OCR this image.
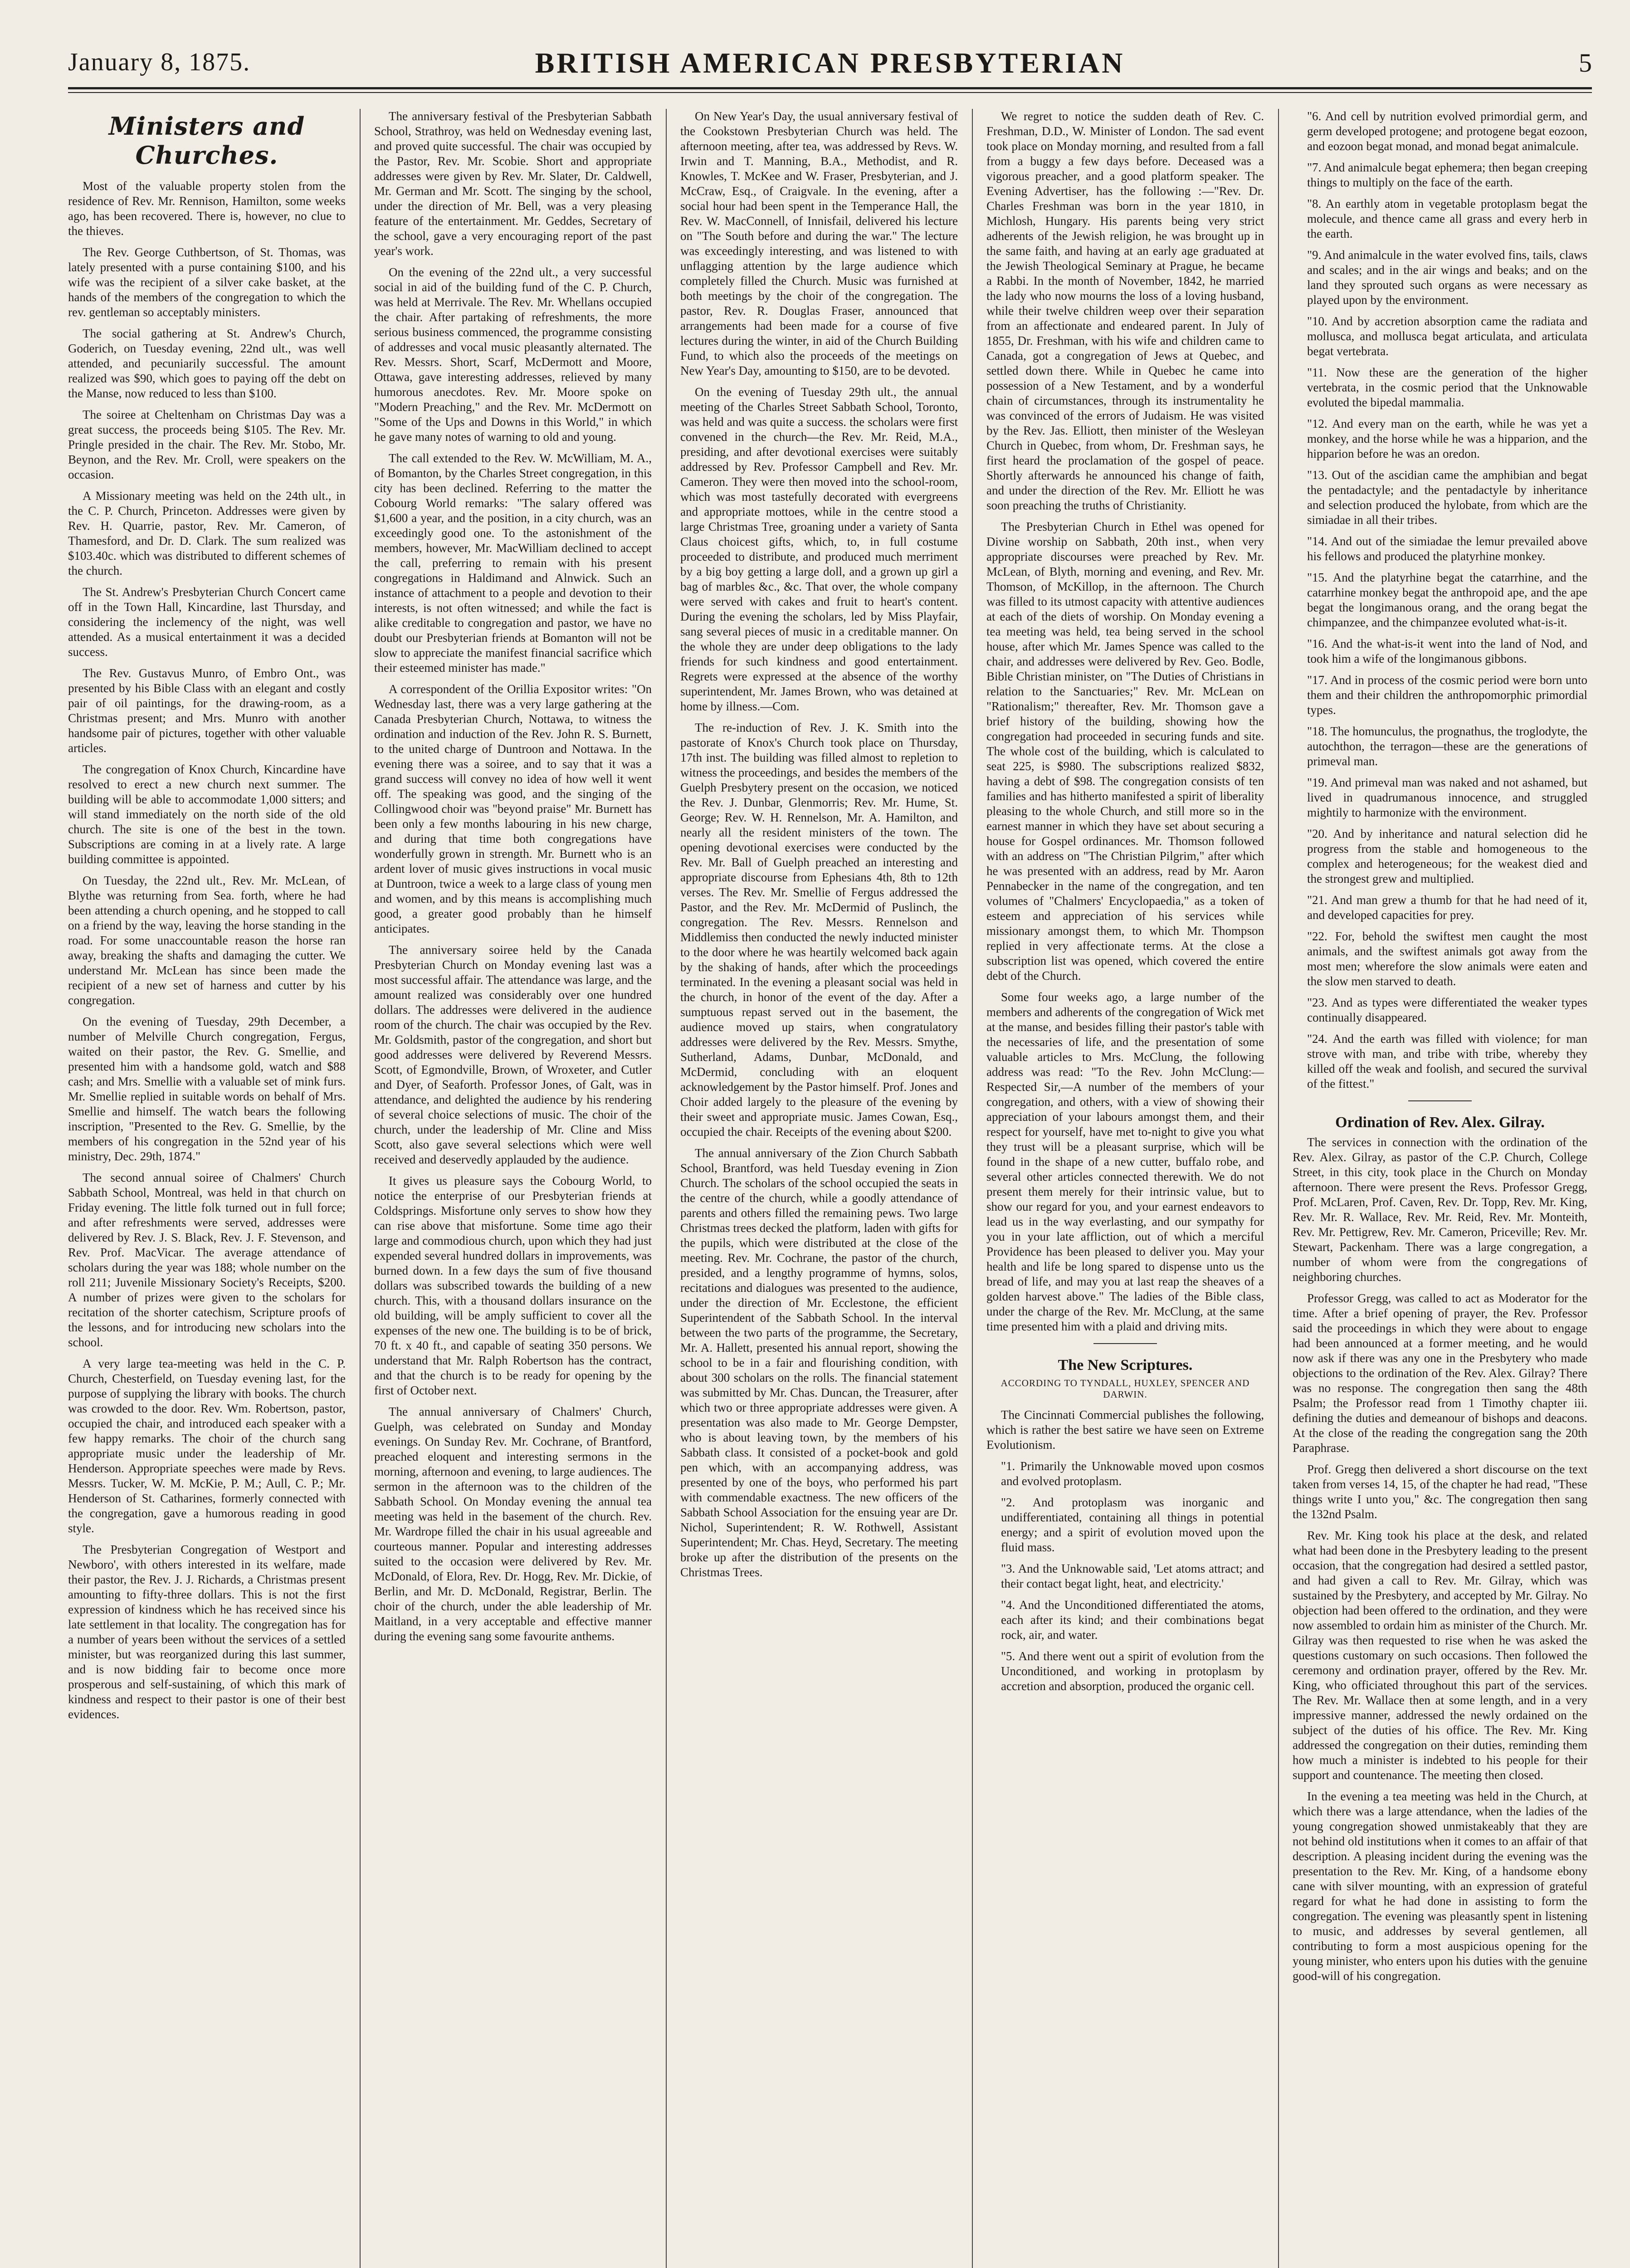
January 8, 1875.	BRITISH AMERICAN PRESBYTERIAN	5
Ministers and Churches.

Most of the valuable property stolen from the residence of Rev. Mr. Rennison, Hamilton, some weeks ago, has been recovered. There is, however, no clue to the thieves.

The Rev. George Cuthbertson, of St. Thomas, was lately presented with a purse containing $100, and his wife was the recipient of a silver cake basket, at the hands of the members of the congregation to which the rev. gentleman so acceptably ministers.

The social gathering at St. Andrew's Church, Goderich, on Tuesday evening, 22nd ult., was well attended, and pecuniarily successful. The amount realized was $90, which goes to paying off the debt on the Manse, now reduced to less than $100.

The soiree at Cheltenham on Christmas Day was a great success, the proceeds being $105. The Rev. Mr. Pringle presided in the chair. The Rev. Mr. Stobo, Mr. Beynon, and the Rev. Mr. Croll, were speakers on the occasion.

A Missionary meeting was held on the 24th ult., in the C. P. Church, Princeton. Addresses were given by Rev. H. Quarrie, pastor, Rev. Mr. Cameron, of Thamesford, and Dr. D. Clark. The sum realized was $103.40c. which was distributed to different schemes of the church.

The St. Andrew's Presbyterian Church Concert came off in the Town Hall, Kincardine, last Thursday, and considering the inclemency of the night, was well attended. As a musical entertainment it was a decided success.

The Rev. Gustavus Munro, of Embro Ont., was presented by his Bible Class with an elegant and costly pair of oil paintings, for the drawing-room, as a Christmas present; and Mrs. Munro with another handsome pair of pictures, together with other valuable articles.

The congregation of Knox Church, Kincardine have resolved to erect a new church next summer. The building will be able to accommodate 1,000 sitters; and will stand immediately on the north side of the old church. The site is one of the best in the town. Subscriptions are coming in at a lively rate. A large building committee is appointed.

On Tuesday, the 22nd ult., Rev. Mr. McLean, of Blythe was returning from Sea. forth, where he had been attending a church opening, and he stopped to call on a friend by the way, leaving the horse standing in the road. For some unaccountable reason the horse ran away, breaking the shafts and damaging the cutter. We understand Mr. McLean has since been made the recipient of a new set of harness and cutter by his congregation.

On the evening of Tuesday, 29th December, a number of Melville Church congregation, Fergus, waited on their pastor, the Rev. G. Smellie, and presented him with a handsome gold, watch and $88 cash; and Mrs. Smellie with a valuable set of mink furs. Mr. Smellie replied in suitable words on behalf of Mrs. Smellie and himself. The watch bears the following inscription, "Presented to the Rev. G. Smellie, by the members of his congregation in the 52nd year of his ministry, Dec. 29th, 1874."

The second annual soiree of Chalmers' Church Sabbath School, Montreal, was held in that church on Friday evening. The little folk turned out in full force; and after refreshments were served, addresses were delivered by Rev. J. S. Black, Rev. J. F. Stevenson, and Rev. Prof. MacVicar. The average attendance of scholars during the year was 188; whole number on the roll 211; Juvenile Missionary Society's Receipts, $200. A number of prizes were given to the scholars for recitation of the shorter catechism, Scripture proofs of the lessons, and for introducing new scholars into the school.

A very large tea-meeting was held in the C. P. Church, Chesterfield, on Tuesday evening last, for the purpose of supplying the library with books. The church was crowded to the door. Rev. Wm. Robertson, pastor, occupied the chair, and introduced each speaker with a few happy remarks. The choir of the church sang appropriate music under the leadership of Mr. Henderson. Appropriate speeches were made by Revs. Messrs. Tucker, W. M. McKie, P. M.; Aull, C. P.; Mr. Henderson of St. Catharines, formerly connected with the congregation, gave a humorous reading in good style.

The Presbyterian Congregation of Westport and Newboro', with others interested in its welfare, made their pastor, the Rev. J. J. Richards, a Christmas present amounting to fifty-three dollars. This is not the first expression of kindness which he has received since his late settlement in that locality. The congregation has for a number of years been without the services of a settled minister, but was reorganized during this last summer, and is now bidding fair to become once more prosperous and self-sustaining, of which this mark of kindness and respect to their pastor is one of their best evidences.

The anniversary festival of the Presbyterian Sabbath School, Strathroy, was held on Wednesday evening last, and proved quite successful. The chair was occupied by the Pastor, Rev. Mr. Scobie. Short and appropriate addresses were given by Rev. Mr. Slater, Dr. Caldwell, Mr. German and Mr. Scott. The singing by the school, under the direction of Mr. Bell, was a very pleasing feature of the entertainment. Mr. Geddes, Secretary of the school, gave a very encouraging report of the past year's work.

On the evening of the 22nd ult., a very successful social in aid of the building fund of the C. P. Church, was held at Merrivale. The Rev. Mr. Whellans occupied the chair. After partaking of refreshments, the more serious business commenced, the programme consisting of addresses and vocal music pleasantly alternated. The Rev. Messrs. Short, Scarf, McDermott and Moore, Ottawa, gave interesting addresses, relieved by many humorous anecdotes. Rev. Mr. Moore spoke on "Modern Preaching," and the Rev. Mr. McDermott on "Some of the Ups and Downs in this World," in which he gave many notes of warning to old and young.

The call extended to the Rev. W. McWilliam, M. A., of Bomanton, by the Charles Street congregation, in this city has been declined. Referring to the matter the Cobourg World remarks: "The salary offered was $1,600 a year, and the position, in a city church, was an exceedingly good one. To the astonishment of the members, however, Mr. MacWilliam declined to accept the call, preferring to remain with his present congregations in Haldimand and Alnwick. Such an instance of attachment to a people and devotion to their interests, is not often witnessed; and while the fact is alike creditable to congregation and pastor, we have no doubt our Presbyterian friends at Bomanton will not be slow to appreciate the manifest financial sacrifice which their esteemed minister has made."

A correspondent of the Orillia Expositor writes: "On Wednesday last, there was a very large gathering at the Canada Presbyterian Church, Nottawa, to witness the ordination and induction of the Rev. John R. S. Burnett, to the united charge of Duntroon and Nottawa. In the evening there was a soiree, and to say that it was a grand success will convey no idea of how well it went off. The speaking was good, and the singing of the Collingwood choir was "beyond praise" Mr. Burnett has been only a few months labouring in his new charge, and during that time both congregations have wonderfully grown in strength. Mr. Burnett who is an ardent lover of music gives instructions in vocal music at Duntroon, twice a week to a large class of young men and women, and by this means is accomplishing much good, a greater good probably than he himself anticipates.

The anniversary soiree held by the Canada Presbyterian Church on Monday evening last was a most successful affair. The attendance was large, and the amount realized was considerably over one hundred dollars. The addresses were delivered in the audience room of the church. The chair was occupied by the Rev. Mr. Goldsmith, pastor of the congregation, and short but good addresses were delivered by Reverend Messrs. Scott, of Egmondville, Brown, of Wroxeter, and Cutler and Dyer, of Seaforth. Professor Jones, of Galt, was in attendance, and delighted the audience by his rendering of several choice selections of music. The choir of the church, under the leadership of Mr. Cline and Miss Scott, also gave several selections which were well received and deservedly applauded by the audience.

It gives us pleasure says the Cobourg World, to notice the enterprise of our Presbyterian friends at Coldsprings. Misfortune only serves to show how they can rise above that misfortune. Some time ago their large and commodious church, upon which they had just expended several hundred dollars in improvements, was burned down. In a few days the sum of five thousand dollars was subscribed towards the building of a new church. This, with a thousand dollars insurance on the old building, will be amply sufficient to cover all the expenses of the new one. The building is to be of brick, 70 ft. x 40 ft., and capable of seating 350 persons. We understand that Mr. Ralph Robertson has the contract, and that the church is to be ready for opening by the first of October next.

The annual anniversary of Chalmers' Church, Guelph, was celebrated on Sunday and Monday evenings. On Sunday Rev. Mr. Cochrane, of Brantford, preached eloquent and interesting sermons in the morning, afternoon and evening, to large audiences. The sermon in the afternoon was to the children of the Sabbath School. On Monday evening the annual tea meeting was held in the basement of the church. Rev. Mr. Wardrope filled the chair in his usual agreeable and courteous manner. Popular and interesting addresses suited to the occasion were delivered by Rev. Mr. McDonald, of Elora, Rev. Dr. Hogg, Rev. Mr. Dickie, of Berlin, and Mr. D. McDonald, Registrar, Berlin. The choir of the church, under the able leadership of Mr. Maitland, in a very acceptable and effective manner during the evening sang some favourite anthems.

On New Year's Day, the usual anniversary festival of the Cookstown Presbyterian Church was held. The afternoon meeting, after tea, was addressed by Revs. W. Irwin and T. Manning, B.A., Methodist, and R. Knowles, T. McKee and W. Fraser, Presbyterian, and J. McCraw, Esq., of Craigvale. In the evening, after a social hour had been spent in the Temperance Hall, the Rev. W. MacConnell, of Innisfail, delivered his lecture on "The South before and during the war." The lecture was exceedingly interesting, and was listened to with unflagging attention by the large audience which completely filled the Church. Music was furnished at both meetings by the choir of the congregation. The pastor, Rev. R. Douglas Fraser, announced that arrangements had been made for a course of five lectures during the winter, in aid of the Church Building Fund, to which also the proceeds of the meetings on New Year's Day, amounting to $150, are to be devoted.

On the evening of Tuesday 29th ult., the annual meeting of the Charles Street Sabbath School, Toronto, was held and was quite a success. the scholars were first convened in the church—the Rev. Mr. Reid, M.A., presiding, and after devotional exercises were suitably addressed by Rev. Professor Campbell and Rev. Mr. Cameron. They were then moved into the school-room, which was most tastefully decorated with evergreens and appropriate mottoes, while in the centre stood a large Christmas Tree, groaning under a variety of Santa Claus choicest gifts, which, to, in full costume proceeded to distribute, and produced much merriment by a big boy getting a large doll, and a grown up girl a bag of marbles &c., &c. That over, the whole company were served with cakes and fruit to heart's content. During the evening the scholars, led by Miss Playfair, sang several pieces of music in a creditable manner. On the whole they are under deep obligations to the lady friends for such kindness and good entertainment. Regrets were expressed at the absence of the worthy superintendent, Mr. James Brown, who was detained at home by illness.—Com.

The re-induction of Rev. J. K. Smith into the pastorate of Knox's Church took place on Thursday, 17th inst. The building was filled almost to repletion to witness the proceedings, and besides the members of the Guelph Presbytery present on the occasion, we noticed the Rev. J. Dunbar, Glenmorris; Rev. Mr. Hume, St. George; Rev. W. H. Rennelson, Mr. A. Hamilton, and nearly all the resident ministers of the town. The opening devotional exercises were conducted by the Rev. Mr. Ball of Guelph preached an interesting and appropriate discourse from Ephesians 4th, 8th to 12th verses. The Rev. Mr. Smellie of Fergus addressed the Pastor, and the Rev. Mr. McDermid of Puslinch, the congregation. The Rev. Messrs. Rennelson and Middlemiss then conducted the newly inducted minister to the door where he was heartily welcomed back again by the shaking of hands, after which the proceedings terminated. In the evening a pleasant social was held in the church, in honor of the event of the day. After a sumptuous repast served out in the basement, the audience moved up stairs, when congratulatory addresses were delivered by the Rev. Messrs. Smythe, Sutherland, Adams, Dunbar, McDonald, and McDermid, concluding with an eloquent acknowledgement by the Pastor himself. Prof. Jones and Choir added largely to the pleasure of the evening by their sweet and appropriate music. James Cowan, Esq., occupied the chair. Receipts of the evening about $200.

The annual anniversary of the Zion Church Sabbath School, Brantford, was held Tuesday evening in Zion Church. The scholars of the school occupied the seats in the centre of the church, while a goodly attendance of parents and others filled the remaining pews. Two large Christmas trees decked the platform, laden with gifts for the pupils, which were distributed at the close of the meeting. Rev. Mr. Cochrane, the pastor of the church, presided, and a lengthy programme of hymns, solos, recitations and dialogues was presented to the audience, under the direction of Mr. Ecclestone, the efficient Superintendent of the Sabbath School. In the interval between the two parts of the programme, the Secretary, Mr. A. Hallett, presented his annual report, showing the school to be in a fair and flourishing condition, with about 300 scholars on the rolls. The financial statement was submitted by Mr. Chas. Duncan, the Treasurer, after which two or three appropriate addresses were given. A presentation was also made to Mr. George Dempster, who is about leaving town, by the members of his Sabbath class. It consisted of a pocket-book and gold pen which, with an accompanying address, was presented by one of the boys, who performed his part with commendable exactness. The new officers of the Sabbath School Association for the ensuing year are Dr. Nichol, Superintendent; R. W. Rothwell, Assistant Superintendent; Mr. Chas. Heyd, Secretary. The meeting broke up after the distribution of the presents on the Christmas Trees.

We regret to notice the sudden death of Rev. C. Freshman, D.D., W. Minister of London. The sad event took place on Monday morning, and resulted from a fall from a buggy a few days before. Deceased was a vigorous preacher, and a good platform speaker. The Evening Advertiser, has the following :—"Rev. Dr. Charles Freshman was born in the year 1810, in Michlosh, Hungary. His parents being very strict adherents of the Jewish religion, he was brought up in the same faith, and having at an early age graduated at the Jewish Theological Seminary at Prague, he became a Rabbi. In the month of November, 1842, he married the lady who now mourns the loss of a loving husband, while their twelve children weep over their separation from an affectionate and endeared parent. In July of 1855, Dr. Freshman, with his wife and children came to Canada, got a congregation of Jews at Quebec, and settled down there. While in Quebec he came into possession of a New Testament, and by a wonderful chain of circumstances, through its instrumentality he was convinced of the errors of Judaism. He was visited by the Rev. Jas. Elliott, then minister of the Wesleyan Church in Quebec, from whom, Dr. Freshman says, he first heard the proclamation of the gospel of peace. Shortly afterwards he announced his change of faith, and under the direction of the Rev. Mr. Elliott he was soon preaching the truths of Christianity.

The Presbyterian Church in Ethel was opened for Divine worship on Sabbath, 20th inst., when very appropriate discourses were preached by Rev. Mr. McLean, of Blyth, morning and evening, and Rev. Mr. Thomson, of McKillop, in the afternoon. The Church was filled to its utmost capacity with attentive audiences at each of the diets of worship. On Monday evening a tea meeting was held, tea being served in the school house, after which Mr. James Spence was called to the chair, and addresses were delivered by Rev. Geo. Bodle, Bible Christian minister, on "The Duties of Christians in relation to the Sanctuaries;" Rev. Mr. McLean on "Rationalism;" thereafter, Rev. Mr. Thomson gave a brief history of the building, showing how the congregation had proceeded in securing funds and site. The whole cost of the building, which is calculated to seat 225, is $980. The subscriptions realized $832, having a debt of $98. The congregation consists of ten families and has hitherto manifested a spirit of liberality pleasing to the whole Church, and still more so in the earnest manner in which they have set about securing a house for Gospel ordinances. Mr. Thomson followed with an address on "The Christian Pilgrim," after which he was presented with an address, read by Mr. Aaron Pennabecker in the name of the congregation, and ten volumes of "Chalmers' Encyclopaedia," as a token of esteem and appreciation of his services while missionary amongst them, to which Mr. Thompson replied in very affectionate terms. At the close a subscription list was opened, which covered the entire debt of the Church.

Some four weeks ago, a large number of the members and adherents of the congregation of Wick met at the manse, and besides filling their pastor's table with the necessaries of life, and the presentation of some valuable articles to Mrs. McClung, the following address was read: "To the Rev. John McClung:—Respected Sir,—A number of the members of your congregation, and others, with a view of showing their appreciation of your labours amongst them, and their respect for yourself, have met to-night to give you what they trust will be a pleasant surprise, which will be found in the shape of a new cutter, buffalo robe, and several other articles connected therewith. We do not present them merely for their intrinsic value, but to show our regard for you, and your earnest endeavors to lead us in the way everlasting, and our sympathy for you in your late affliction, out of which a merciful Providence has been pleased to deliver you. May your health and life be long spared to dispense unto us the bread of life, and may you at last reap the sheaves of a golden harvest above." The ladies of the Bible class, under the charge of the Rev. Mr. McClung, at the same time presented him with a plaid and driving mits.

The New Scriptures.
ACCORDING TO TYNDALL, HUXLEY, SPENCER AND DARWIN.

The Cincinnati Commercial publishes the following, which is rather the best satire we have seen on Extreme Evolutionism.

"1. Primarily the Unknowable moved upon cosmos and evolved protoplasm.

"2. And protoplasm was inorganic and undifferentiated, containing all things in potential energy; and a spirit of evolution moved upon the fluid mass.

"3. And the Unknowable said, 'Let atoms attract; and their contact begat light, heat, and electricity.'

"4. And the Unconditioned differentiated the atoms, each after its kind; and their combinations begat rock, air, and water.

"5. And there went out a spirit of evolution from the Unconditioned, and working in protoplasm by accretion and absorption, produced the organic cell.

"6. And cell by nutrition evolved primordial germ, and germ developed protogene; and protogene begat eozoon, and eozoon begat monad, and monad begat animalcule.

"7. And animalcule begat ephemera; then began creeping things to multiply on the face of the earth.

"8. An earthly atom in vegetable protoplasm begat the molecule, and thence came all grass and every herb in the earth.

"9. And animalcule in the water evolved fins, tails, claws and scales; and in the air wings and beaks; and on the land they sprouted such organs as were necessary as played upon by the environment.

"10. And by accretion absorption came the radiata and mollusca, and mollusca begat articulata, and articulata begat vertebrata.

"11. Now these are the generation of the higher vertebrata, in the cosmic period that the Unknowable evoluted the bipedal mammalia.

"12. And every man on the earth, while he was yet a monkey, and the horse while he was a hipparion, and the hipparion before he was an oredon.

"13. Out of the ascidian came the amphibian and begat the pentadactyle; and the pentadactyle by inheritance and selection produced the hylobate, from which are the simiadae in all their tribes.

"14. And out of the simiadae the lemur prevailed above his fellows and produced the platyrhine monkey.

"15. And the platyrhine begat the catarrhine, and the catarrhine monkey begat the anthropoid ape, and the ape begat the longimanous orang, and the orang begat the chimpanzee, and the chimpanzee evoluted what-is-it.

"16. And the what-is-it went into the land of Nod, and took him a wife of the longimanous gibbons.

"17. And in process of the cosmic period were born unto them and their children the anthropomorphic primordial types.

"18. The homunculus, the prognathus, the troglodyte, the autochthon, the terragon—these are the generations of primeval man.

"19. And primeval man was naked and not ashamed, but lived in quadrumanous innocence, and struggled mightily to harmonize with the environment.

"20. And by inheritance and natural selection did he progress from the stable and homogeneous to the complex and heterogeneous; for the weakest died and the strongest grew and multiplied.

"21. And man grew a thumb for that he had need of it, and developed capacities for prey.

"22. For, behold the swiftest men caught the most animals, and the swiftest animals got away from the most men; wherefore the slow animals were eaten and the slow men starved to death.

"23. And as types were differentiated the weaker types continually disappeared.

"24. And the earth was filled with violence; for man strove with man, and tribe with tribe, whereby they killed off the weak and foolish, and secured the survival of the fittest."

Ordination of Rev. Alex. Gilray.

The services in connection with the ordination of the Rev. Alex. Gilray, as pastor of the C.P. Church, College Street, in this city, took place in the Church on Monday afternoon. There were present the Revs. Professor Gregg, Prof. McLaren, Prof. Caven, Rev. Dr. Topp, Rev. Mr. King, Rev. Mr. R. Wallace, Rev. Mr. Reid, Rev. Mr. Monteith, Rev. Mr. Pettigrew, Rev. Mr. Cameron, Priceville; Rev. Mr. Stewart, Packenham. There was a large congregation, a number of whom were from the congregations of neighboring churches.

Professor Gregg, was called to act as Moderator for the time. After a brief opening of prayer, the Rev. Professor said the proceedings in which they were about to engage had been announced at a former meeting, and he would now ask if there was any one in the Presbytery who made objections to the ordination of the Rev. Alex. Gilray? There was no response. The congregation then sang the 48th Psalm; the Professor read from 1 Timothy chapter iii. defining the duties and demeanour of bishops and deacons. At the close of the reading the congregation sang the 20th Paraphrase.

Prof. Gregg then delivered a short discourse on the text taken from verses 14, 15, of the chapter he had read, "These things write I unto you," &c. The congregation then sang the 132nd Psalm.

Rev. Mr. King took his place at the desk, and related what had been done in the Presbytery leading to the present occasion, that the congregation had desired a settled pastor, and had given a call to Rev. Mr. Gilray, which was sustained by the Presbytery, and accepted by Mr. Gilray. No objection had been offered to the ordination, and they were now assembled to ordain him as minister of the Church. Mr. Gilray was then requested to rise when he was asked the questions customary on such occasions. Then followed the ceremony and ordination prayer, offered by the Rev. Mr. King, who officiated throughout this part of the services. The Rev. Mr. Wallace then at some length, and in a very impressive manner, addressed the newly ordained on the subject of the duties of his office. The Rev. Mr. King addressed the congregation on their duties, reminding them how much a minister is indebted to his people for their support and countenance. The meeting then closed.

In the evening a tea meeting was held in the Church, at which there was a large attendance, when the ladies of the young congregation showed unmistakeably that they are not behind old institutions when it comes to an affair of that description. A pleasing incident during the evening was the presentation to the Rev. Mr. King, of a handsome ebony cane with silver mounting, with an expression of grateful regard for what he had done in assisting to form the congregation. The evening was pleasantly spent in listening to music, and addresses by several gentlemen, all contributing to form a most auspicious opening for the young minister, who enters upon his duties with the genuine good-will of his congregation.
